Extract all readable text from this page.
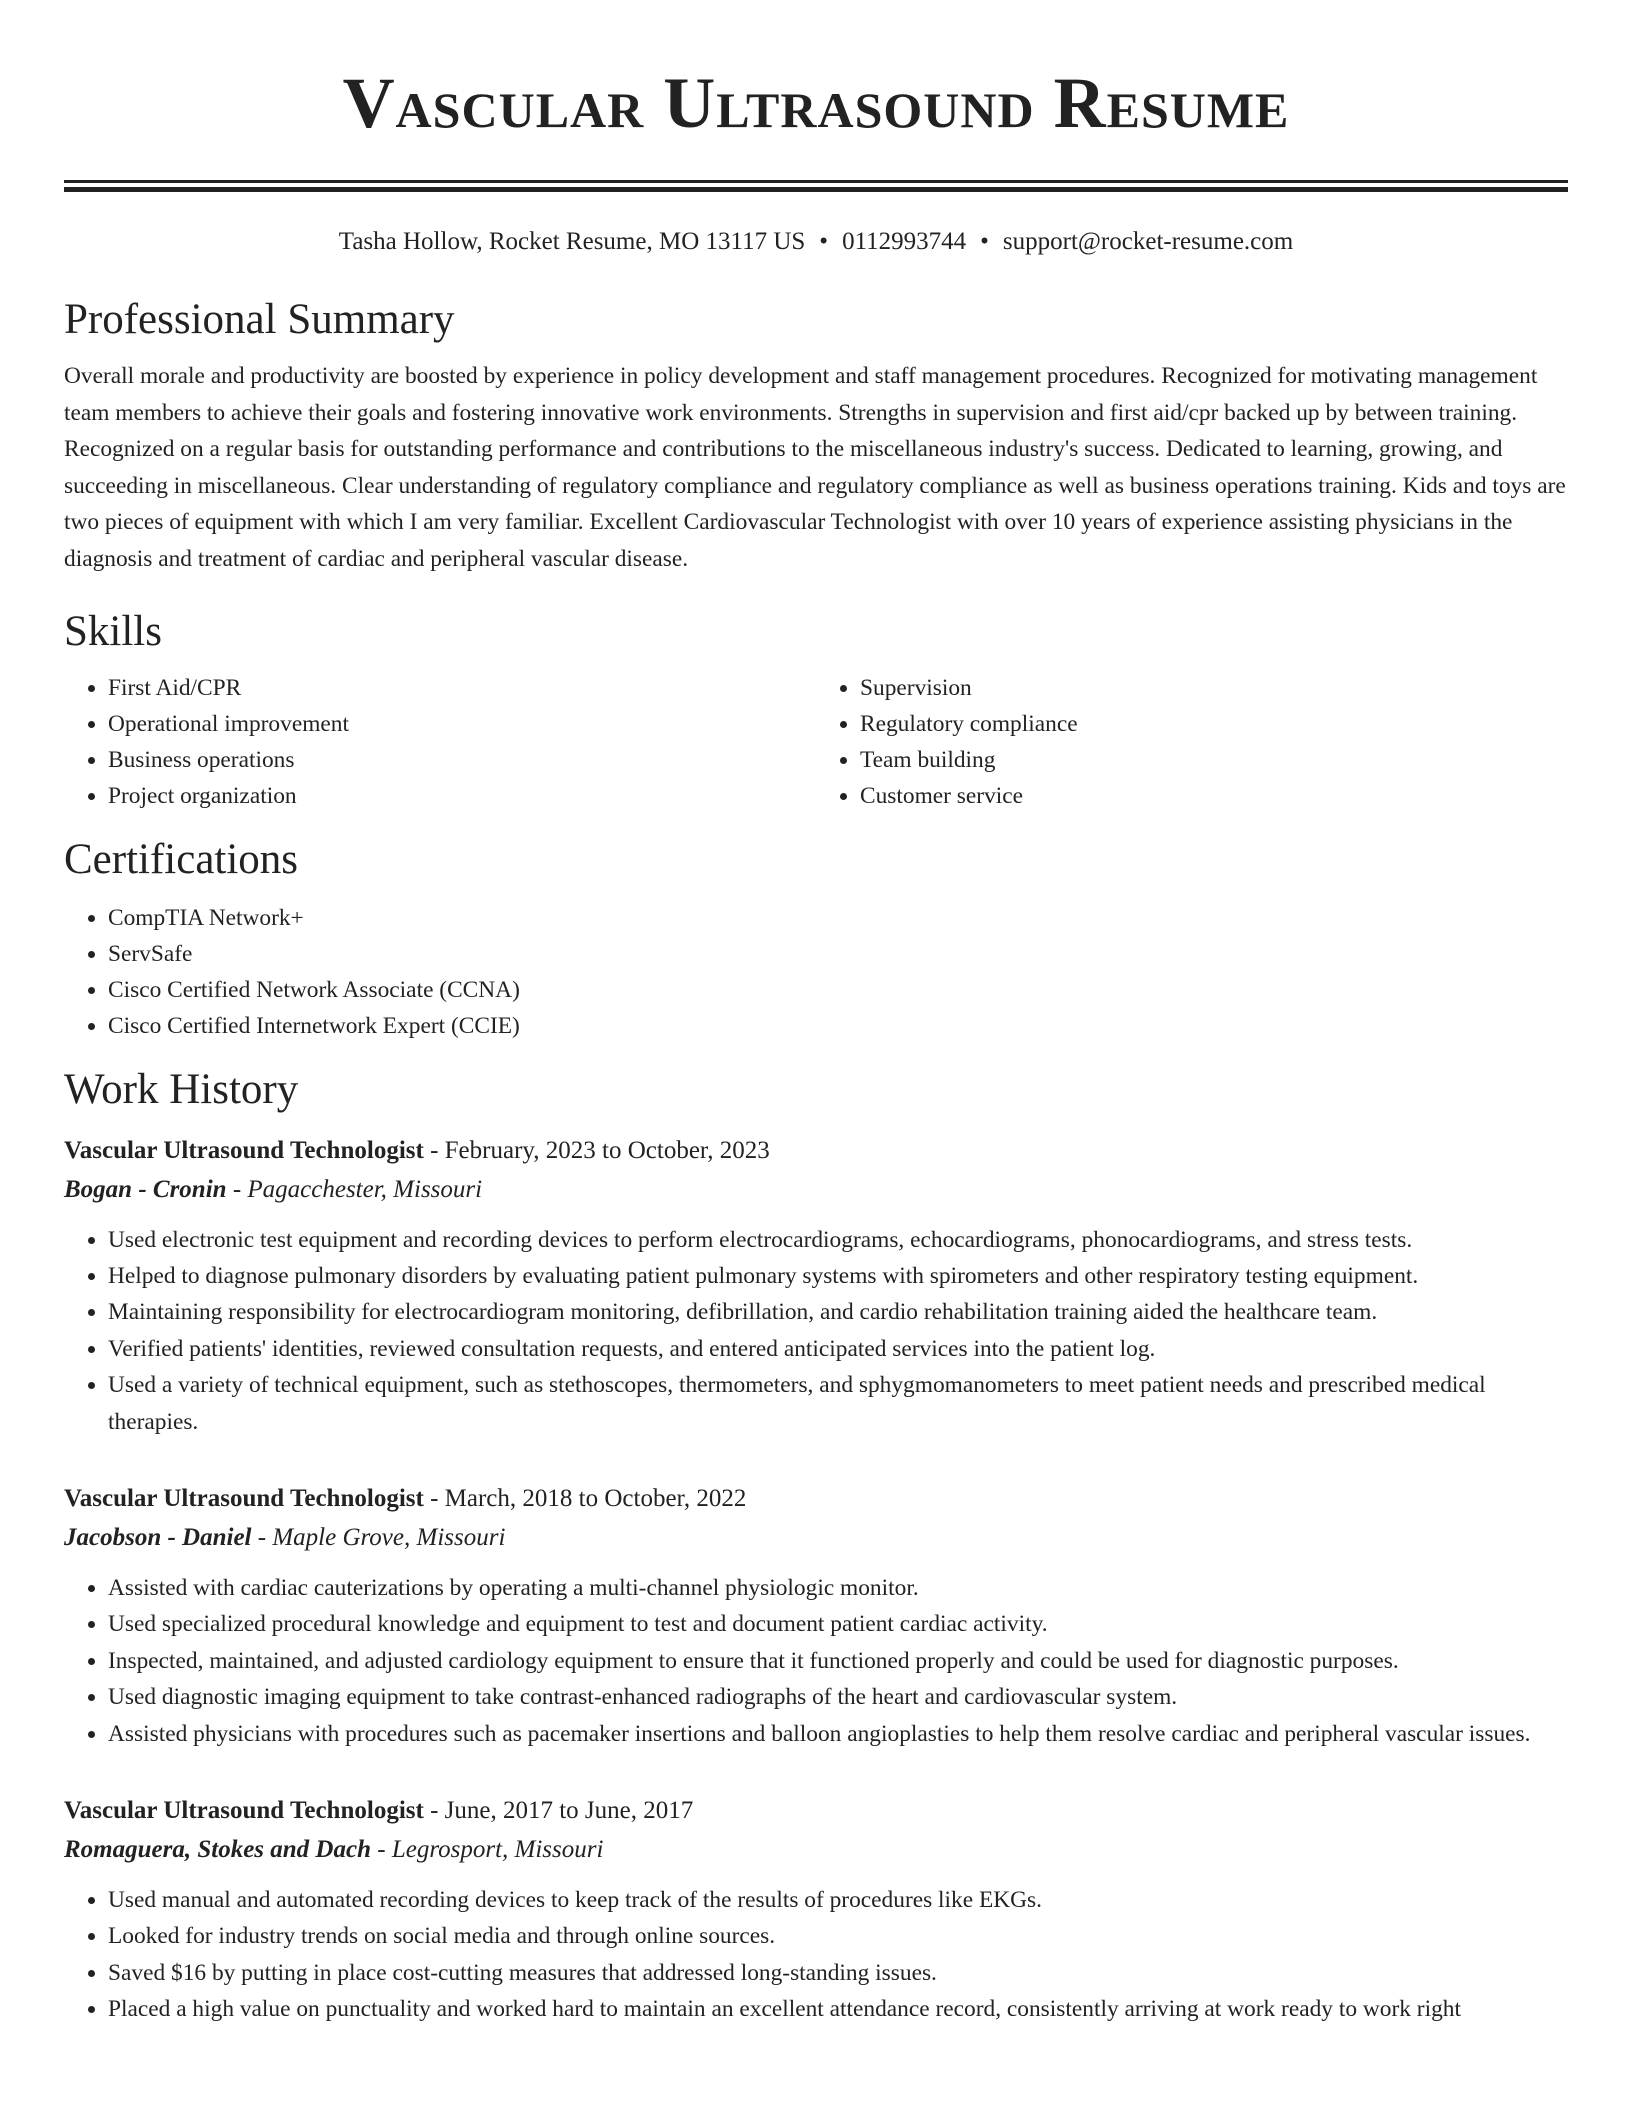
Vascular Ultrasound Resume
Tasha Hollow, Rocket Resume, MO 13117 US • 0112993744 • support@rocket-resume.com
Professional Summary

Overall morale and productivity are boosted by experience in policy development and staff management procedures. Recognized for motivating management team members to achieve their goals and fostering innovative work environments. Strengths in supervision and first aid/cpr backed up by between training. Recognized on a regular basis for outstanding performance and contributions to the miscellaneous industry's success. Dedicated to learning, growing, and succeeding in miscellaneous. Clear understanding of regulatory compliance and regulatory compliance as well as business operations training. Kids and toys are two pieces of equipment with which I am very familiar. Excellent Cardiovascular Technologist with over 10 years of experience assisting physicians in the diagnosis and treatment of cardiac and peripheral vascular disease.

Skills
• First Aid/CPR
• Operational improvement
• Business operations
• Project organization
• Supervision
• Regulatory compliance
• Team building
• Customer service
Certifications
• CompTIA Network+
• ServSafe
• Cisco Certified Network Associate (CCNA)
• Cisco Certified Internetwork Expert (CCIE)
Work History
Vascular Ultrasound Technologist - February, 2023 to October, 2023
Bogan - Cronin - Pagacchester, Missouri
• Used electronic test equipment and recording devices to perform electrocardiograms, echocardiograms, phonocardiograms, and stress tests.
• Helped to diagnose pulmonary disorders by evaluating patient pulmonary systems with spirometers and other respiratory testing equipment.
• Maintaining responsibility for electrocardiogram monitoring, defibrillation, and cardio rehabilitation training aided the healthcare team.
• Verified patients' identities, reviewed consultation requests, and entered anticipated services into the patient log.
• Used a variety of technical equipment, such as stethoscopes, thermometers, and sphygmomanometers to meet patient needs and prescribed medical therapies.
Vascular Ultrasound Technologist - March, 2018 to October, 2022
Jacobson - Daniel - Maple Grove, Missouri
• Assisted with cardiac cauterizations by operating a multi-channel physiologic monitor.
• Used specialized procedural knowledge and equipment to test and document patient cardiac activity.
• Inspected, maintained, and adjusted cardiology equipment to ensure that it functioned properly and could be used for diagnostic purposes.
• Used diagnostic imaging equipment to take contrast-enhanced radiographs of the heart and cardiovascular system.
• Assisted physicians with procedures such as pacemaker insertions and balloon angioplasties to help them resolve cardiac and peripheral vascular issues.
Vascular Ultrasound Technologist - June, 2017 to June, 2017
Romaguera, Stokes and Dach - Legrosport, Missouri
• Used manual and automated recording devices to keep track of the results of procedures like EKGs.
• Looked for industry trends on social media and through online sources.
• Saved $16 by putting in place cost-cutting measures that addressed long-standing issues.
• Placed a high value on punctuality and worked hard to maintain an excellent attendance record, consistently arriving at work ready to work right
